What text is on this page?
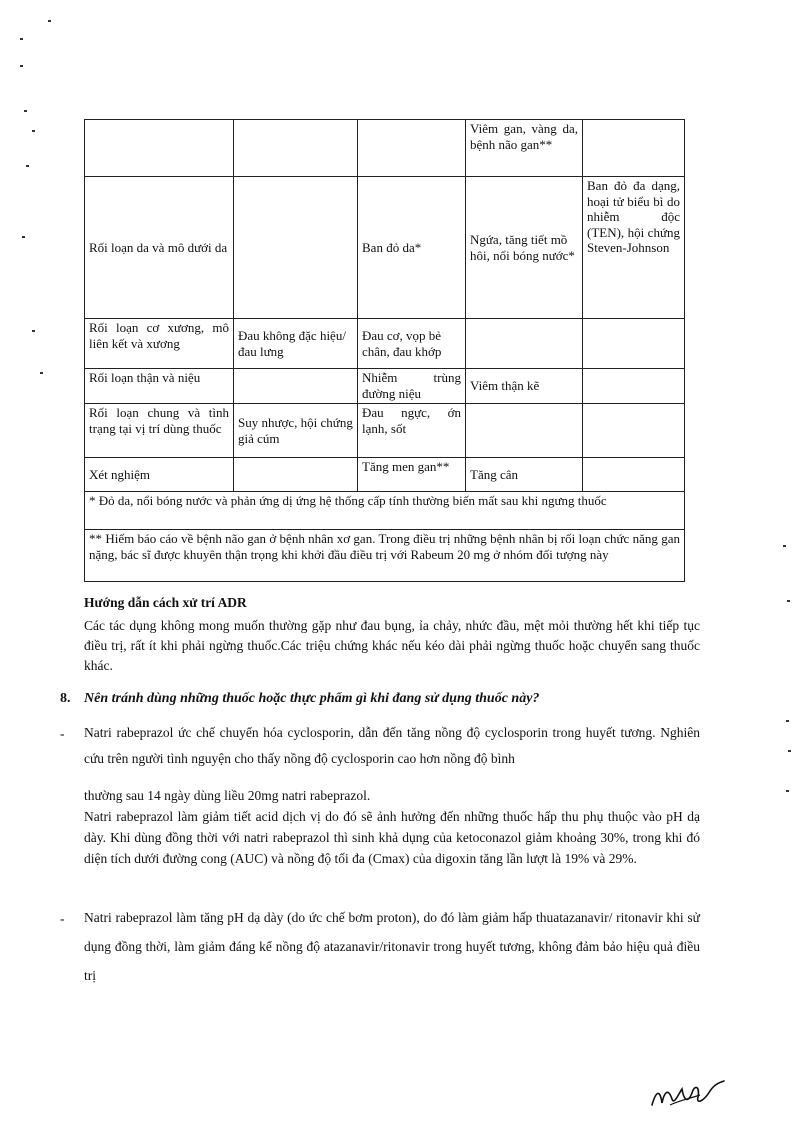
			Viêm gan, vàng da, bệnh não gan**	
Rối loạn da và mô dưới da		Ban đỏ da*	Ngứa, tăng tiết mồ hôi, nổi bóng nước*	Ban đỏ đa dạng, hoại tử biểu bì do nhiễm độc (TEN), hội chứng Steven-Johnson
Rối loạn cơ xương, mô liên kết và xương	Đau không đặc hiệu/ đau lưng	Đau cơ, vọp bẻ chân, đau khớp		
Rối loạn thận và niệu		Nhiễm trùng đường niệu	Viêm thận kẽ	
Rối loạn chung và tình trạng tại vị trí dùng thuốc	Suy nhược, hội chứng giả cúm	Đau ngực, ớn lạnh, sốt		
Xét nghiệm		Tăng men gan**	Tăng cân	
* Đỏ da, nổi bóng nước và phản ứng dị ứng hệ thống cấp tính thường biến mất sau khi ngưng thuốc				
** Hiếm báo cáo về bệnh não gan ở bệnh nhân xơ gan. Trong điều trị những bệnh nhân bị rối loạn chức năng gan nặng, bác sĩ được khuyên thận trọng khi khởi đầu điều trị với Rabeum 20 mg ở nhóm đối tượng này				
Hướng dẫn cách xử trí ADR

Các tác dụng không mong muốn thường gặp như đau bụng, ỉa chảy, nhức đầu, mệt mỏi thường hết khi tiếp tục điều trị, rất ít khi phải ngừng thuốc.Các triệu chứng khác nếu kéo dài phải ngừng thuốc hoặc chuyển sang thuốc khác.

8. Nên tránh dùng những thuốc hoặc thực phẩm gì khi đang sử dụng thuốc này?
- Natri rabeprazol ức chế chuyển hóa cyclosporin, dẫn đến tăng nồng độ cyclosporin trong huyết tương. Nghiên cứu trên người tình nguyện cho thấy nồng độ cyclosporin cao hơn nồng độ bình

thường sau 14 ngày dùng liều 20mg natri rabeprazol.

Natri rabeprazol làm giảm tiết acid dịch vị do đó sẽ ảnh hưởng đến những thuốc hấp thu phụ thuộc vào pH dạ dày. Khi dùng đồng thời với natri rabeprazol thì sinh khả dụng của ketoconazol giảm khoảng 30%, trong khi đó diện tích dưới đường cong (AUC) và nồng độ tối đa (Cmax) của digoxin tăng lần lượt là 19% và 29%.

- Natri rabeprazol làm tăng pH dạ dày (do ức chế bơm proton), do đó làm giảm hấp thuatazanavir/ ritonavir khi sử dụng đồng thời, làm giảm đáng kể nồng độ atazanavir/ritonavir trong huyết tương, không đảm bảo hiệu quả điều trị
